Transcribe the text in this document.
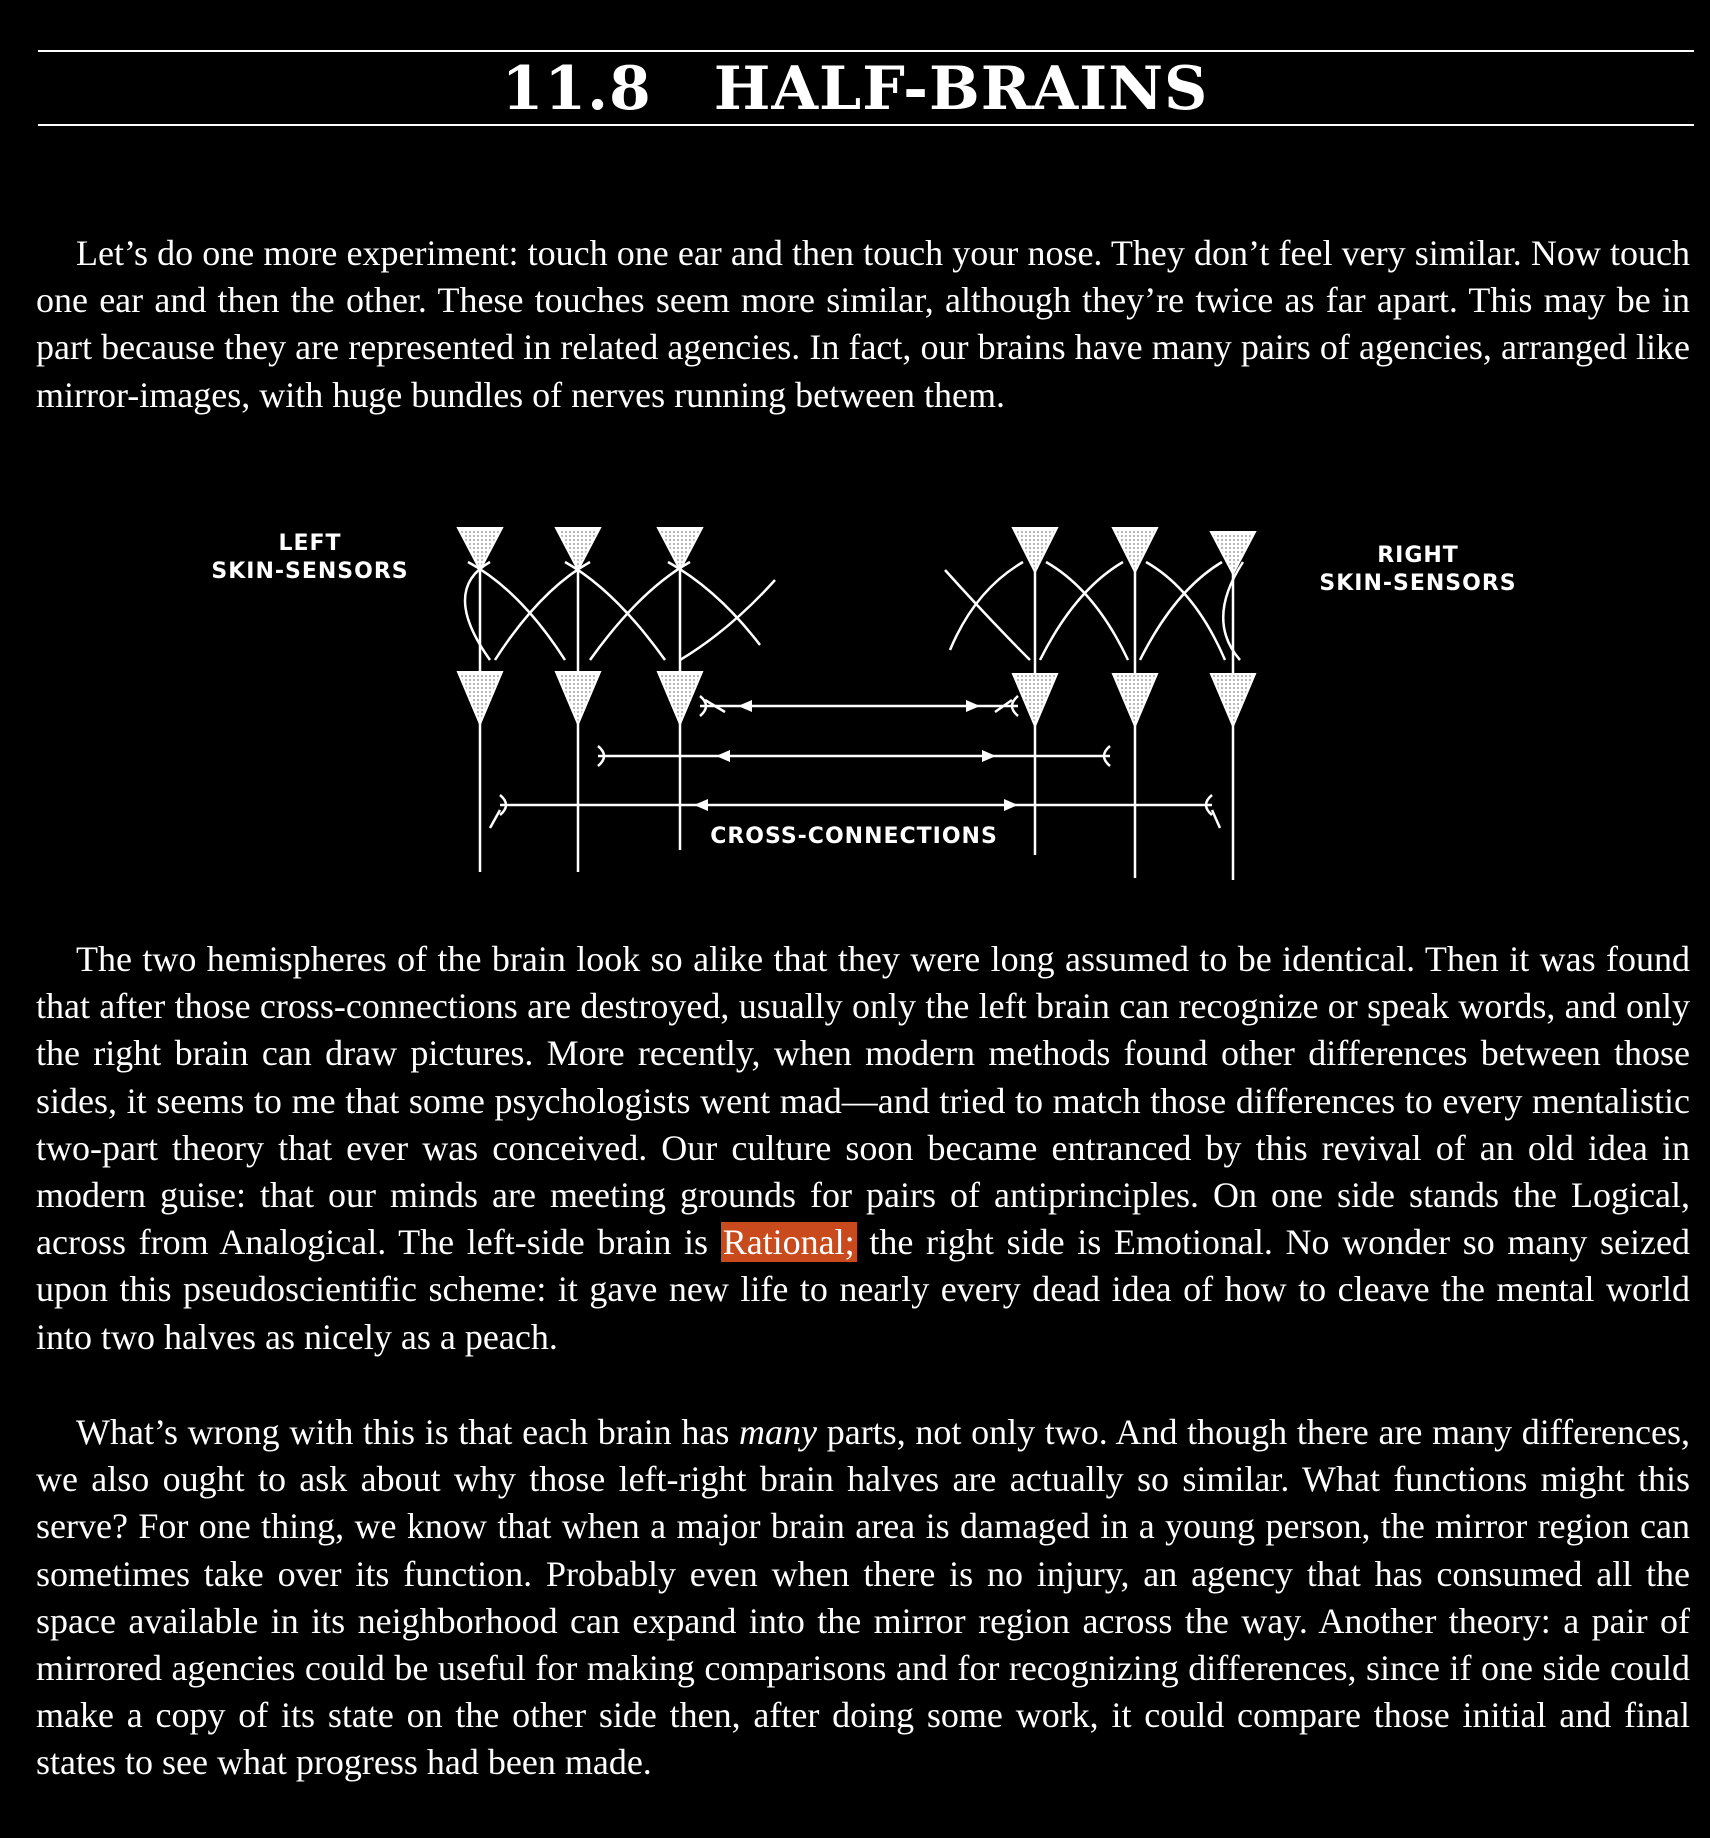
11.8 HALF-BRAINS

Let’s do one more experiment: touch one ear and then touch your nose. They don’t feel very similar. Now touch one ear and then the other. These touches seem more similar, although they’re twice as far apart. This may be in part because they are represented in related agencies. In fact, our brains have many pairs of agencies, arranged like mirror-images, with huge bundles of nerves running between them.

LEFT
SKIN-SENSORS
RIGHT
SKIN-SENSORS
CROSS-CONNECTIONS

The two hemispheres of the brain look so alike that they were long assumed to be identical. Then it was found that after those cross-connections are destroyed, usually only the left brain can recognize or speak words, and only the right brain can draw pictures. More recently, when modern methods found other differences between those sides, it seems to me that some psychologists went mad—and tried to match those differences to every mentalistic two-part theory that ever was conceived. Our culture soon became entranced by this revival of an old idea in modern guise: that our minds are meeting grounds for pairs of antiprinciples. On one side stands the Logical, across from Analogical. The left-side brain is Rational; the right side is Emotional. No wonder so many seized upon this pseudoscientific scheme: it gave new life to nearly every dead idea of how to cleave the mental world into two halves as nicely as a peach.

What’s wrong with this is that each brain has many parts, not only two. And though there are many differences, we also ought to ask about why those left-right brain halves are actually so similar. What functions might this serve? For one thing, we know that when a major brain area is damaged in a young person, the mirror region can sometimes take over its function. Probably even when there is no injury, an agency that has consumed all the space available in its neighborhood can expand into the mirror region across the way. Another theory: a pair of mirrored agencies could be useful for making comparisons and for recognizing differences, since if one side could make a copy of its state on the other side then, after doing some work, it could compare those initial and final states to see what progress had been made.
